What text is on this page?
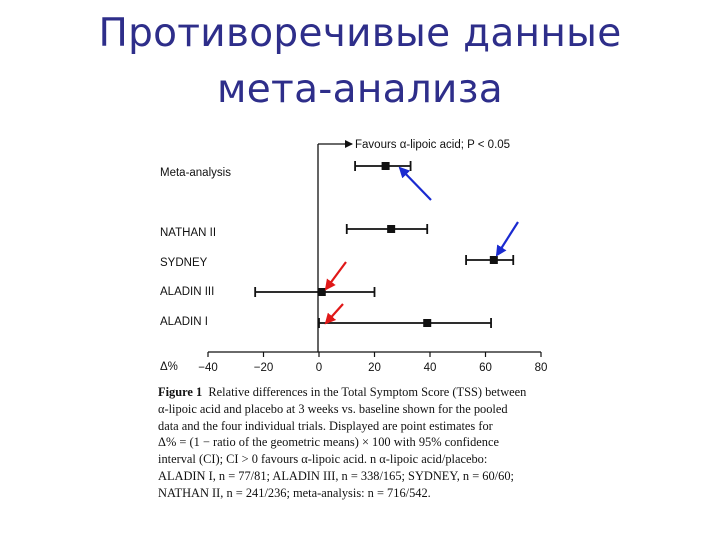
Противоречивые данные
мета-анализа
Favours α-lipoic acid; P < 0.05
Δ% −40	−20	0	20	40	60	80
Meta-analysis
NATHAN II
SYDNEY
ALADIN III
ALADIN I
Figure 1 Relative differences in the Total Symptom Score (TSS) between
α-lipoic acid and placebo at 3 weeks vs. baseline shown for the pooled
data and the four individual trials. Displayed are point estimates for
Δ% = (1 − ratio of the geometric means) × 100 with 95% confidence
interval (CI); CI > 0 favours α-lipoic acid. n α-lipoic acid/placebo:
ALADIN I, n = 77/81; ALADIN III, n = 338/165; SYDNEY, n = 60/60;
NATHAN II, n = 241/236; meta-analysis: n = 716/542.
